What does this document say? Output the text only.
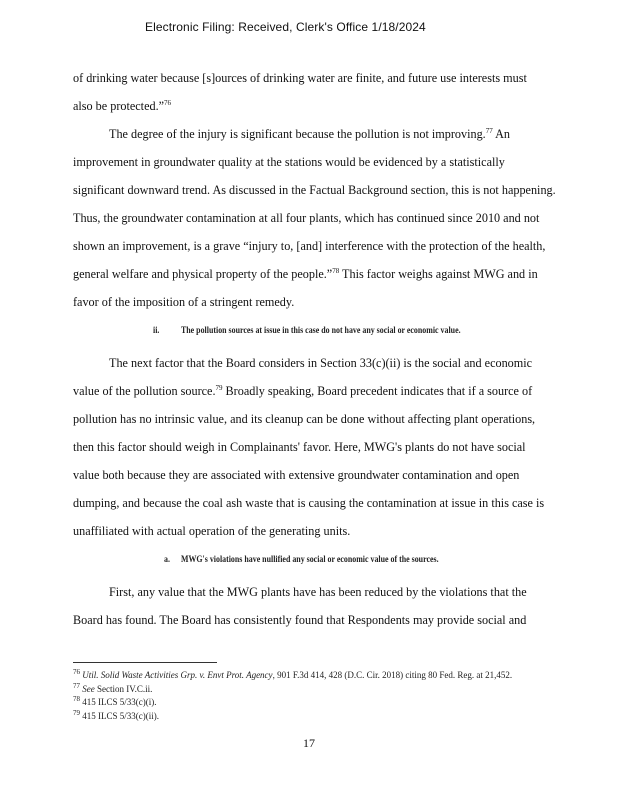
Electronic Filing: Received, Clerk's Office 1/18/2024
of drinking water because [s]ources of drinking water are finite, and future use interests must
also be protected.”$^{76}$
The degree of the injury is significant because the pollution is not improving.$^{77}$ An
improvement in groundwater quality at the stations would be evidenced by a statistically
significant downward trend. As discussed in the Factual Background section, this is not happening.
Thus, the groundwater contamination at all four plants, which has continued since 2010 and not
shown an improvement, is a grave “injury to, [and] interference with the protection of the health,
general welfare and physical property of the people.”$^{78}$ This factor weighs against MWG and in
favor of the imposition of a stringent remedy.
The next factor that the Board considers in Section 33(c)(ii) is the social and economic
value of the pollution source.$^{79}$ Broadly speaking, Board precedent indicates that if a source of
pollution has no intrinsic value, and its cleanup can be done without affecting plant operations,
then this factor should weigh in Complainants' favor. Here, MWG's plants do not have social
value both because they are associated with extensive groundwater contamination and open
dumping, and because the coal ash waste that is causing the contamination at issue in this case is
unaffiliated with actual operation of the generating units.
First, any value that the MWG plants have has been reduced by the violations that the
Board has found. The Board has consistently found that Respondents may provide social and
ii. The pollution sources at issue in this case do not have any social or economic value.
a. MWG's violations have nullified any social or economic value of the sources.
$^{76}$ Util. Solid Waste Activities Grp. v. Envt Prot. Agency, 901 F.3d 414, 428 (D.C. Cir. 2018) citing 80 Fed. Reg. at 21,452.
$^{77}$ See Section IV.C.ii.
$^{78}$ 415 ILCS 5/33(c)(i).
$^{79}$ 415 ILCS 5/33(c)(ii).
17
